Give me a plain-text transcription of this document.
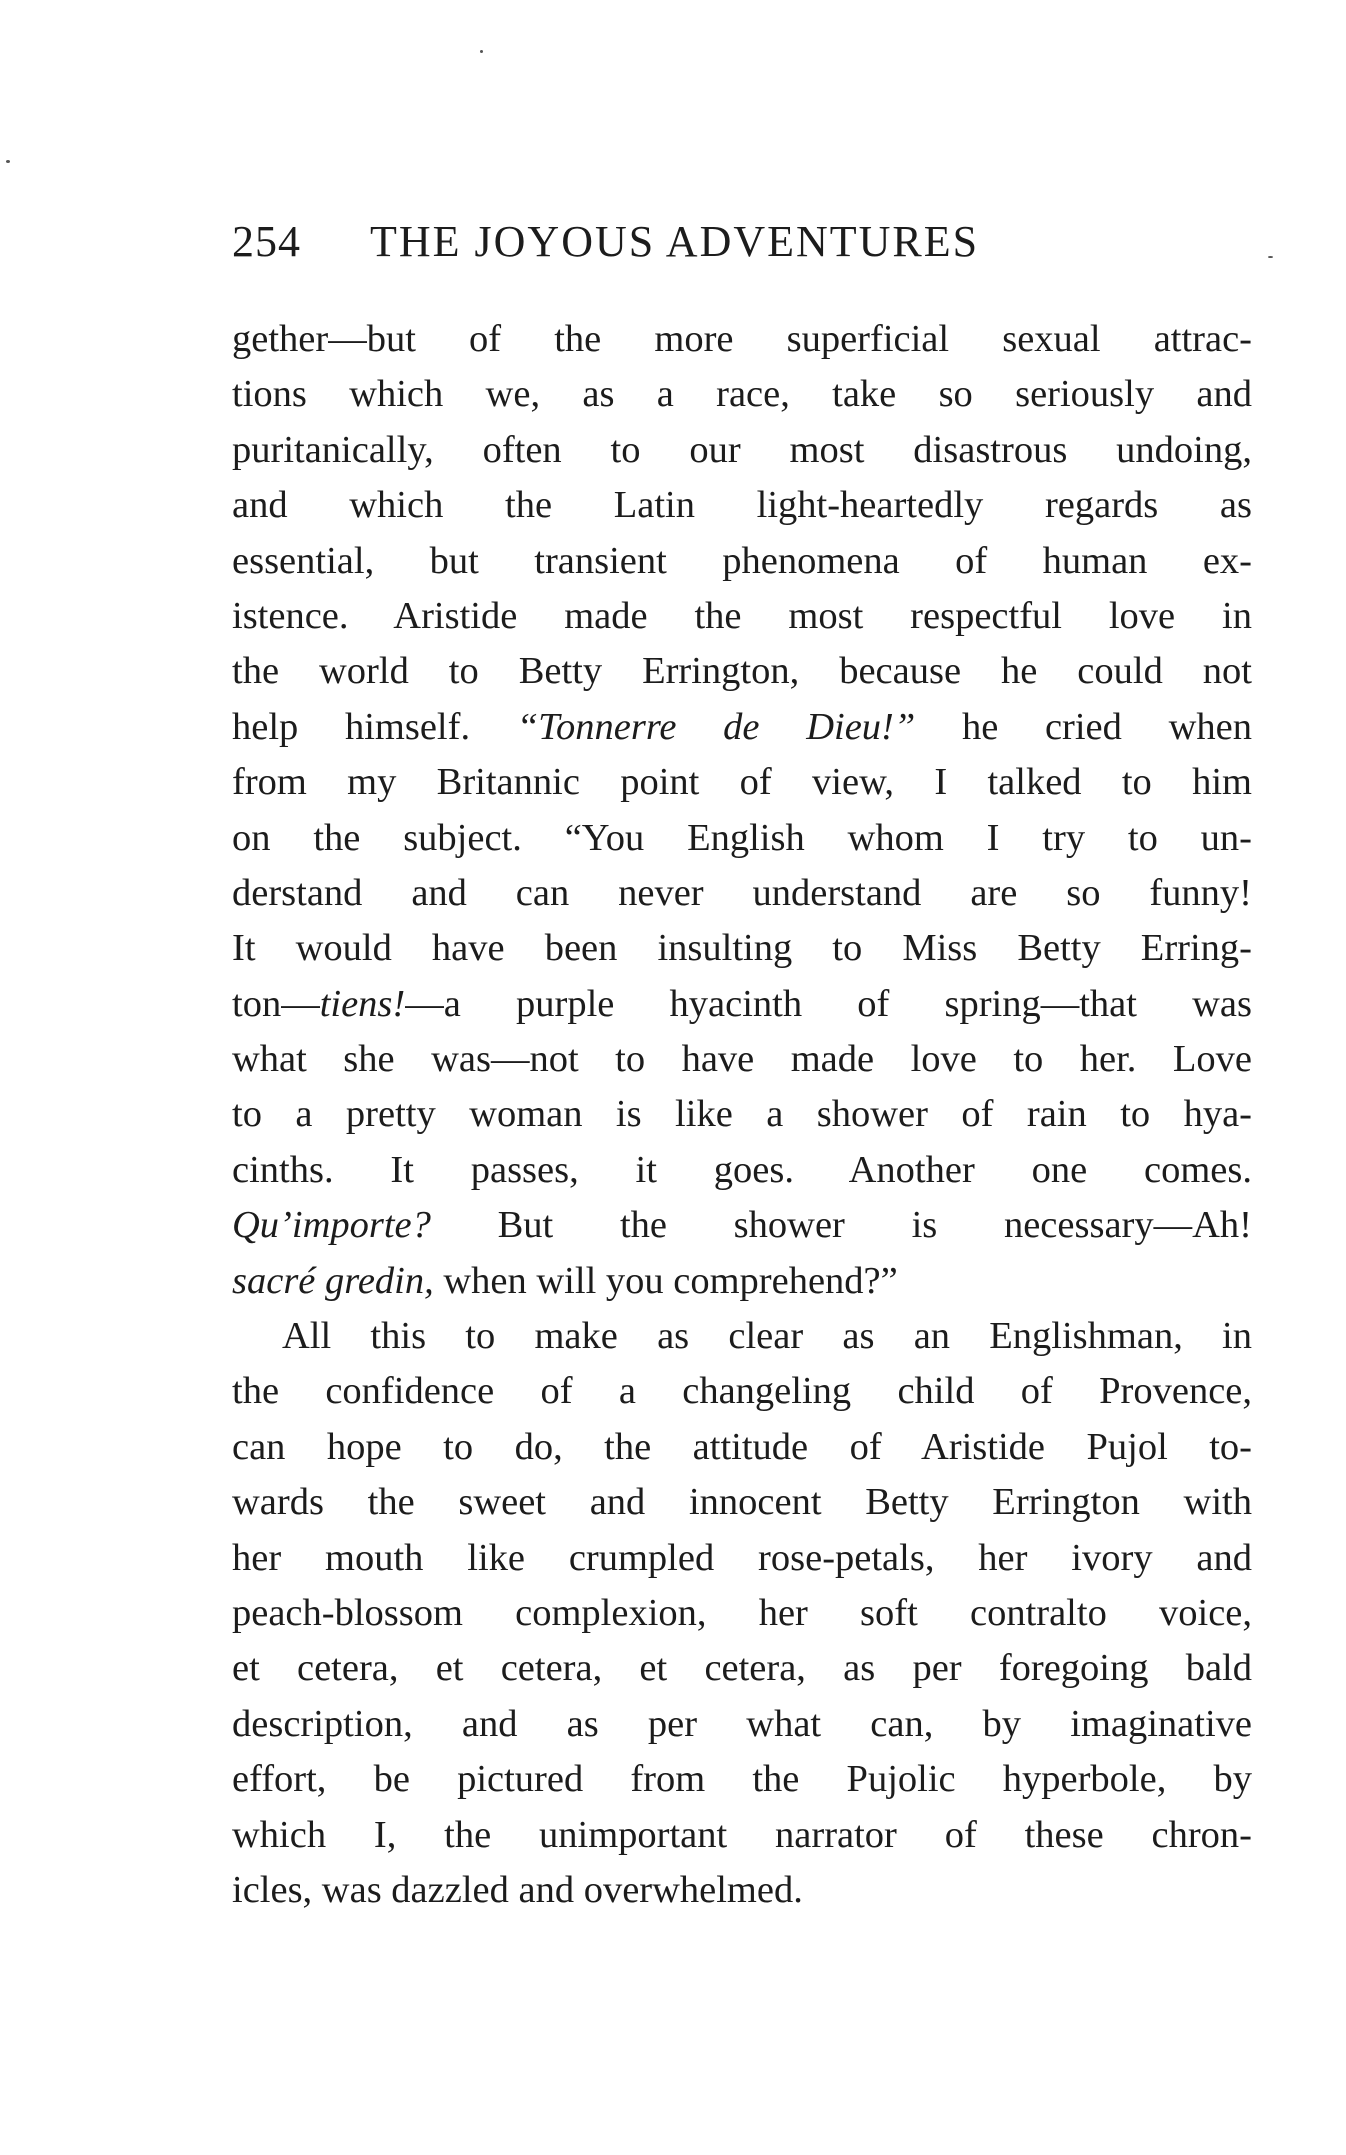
254 THE JOYOUS ADVENTURES
gether—but of the more superficial sexual attrac-
tions which we, as a race, take so seriously and
puritanically, often to our most disastrous undoing,
and which the Latin light-heartedly regards as
essential, but transient phenomena of human ex-
istence. Aristide made the most respectful love in
the world to Betty Errington, because he could not
help himself. “Tonnerre de Dieu!” he cried when
from my Britannic point of view, I talked to him
on the subject. “You English whom I try to un-
derstand and can never understand are so funny!
It would have been insulting to Miss Betty Erring-
ton—tiens!—a purple hyacinth of spring—that was
what she was—not to have made love to her. Love
to a pretty woman is like a shower of rain to hya-
cinths. It passes, it goes. Another one comes.
Qu’importe? But the shower is necessary—Ah!
sacré gredin, when will you comprehend?”
All this to make as clear as an Englishman, in
the confidence of a changeling child of Provence,
can hope to do, the attitude of Aristide Pujol to-
wards the sweet and innocent Betty Errington with
her mouth like crumpled rose-petals, her ivory and
peach-blossom complexion, her soft contralto voice,
et cetera, et cetera, et cetera, as per foregoing bald
description, and as per what can, by imaginative
effort, be pictured from the Pujolic hyperbole, by
which I, the unimportant narrator of these chron-
icles, was dazzled and overwhelmed.
